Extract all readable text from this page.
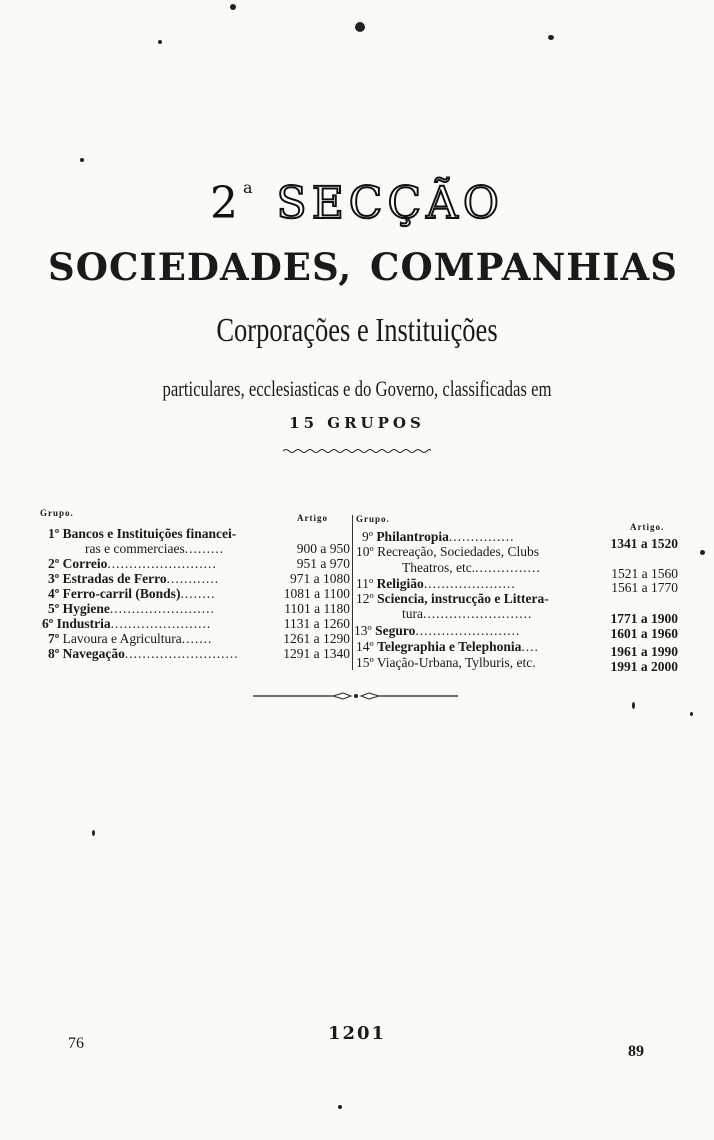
2$^a$ SECÇÃO
SOCIEDADES, COMPANHIAS
Corporações e Instituições
particulares, ecclesiasticas e do Governo, classificadas em
15 GRUPOS
Grupo.	Artigo	Grupo.
Artigo.
1º Bancos e Instituições financei-
ras e commerciaes.........	900 a 950
2º Correio.........................	951 a 970
3º Estradas de Ferro............	971 a 1080
4º Ferro-carril (Bonds)........	1081 a 1100
5º Hygiene........................	1101 a 1180
6º Industria.......................	1131 a 1260
7º Lavoura e Agricultura.......	1261 a 1290
8º Navegação..........................	1291 a 1340
9º Philantropia...............	1341 a 1520
10º Recreação, Sociedades, Clubs
Theatros, etc................	1521 a 1560
11º Religião.....................	1561 a 1770
12º Sciencia, instrucção e Littera-
tura.........................	1771 a 1900
13º Seguro........................	1601 a 1960
14º Telegraphia e Telephonia....	1961 a 1990
15º Viação-Urbana, Tylburis, etc.	1991 a 2000
76	1201
89
